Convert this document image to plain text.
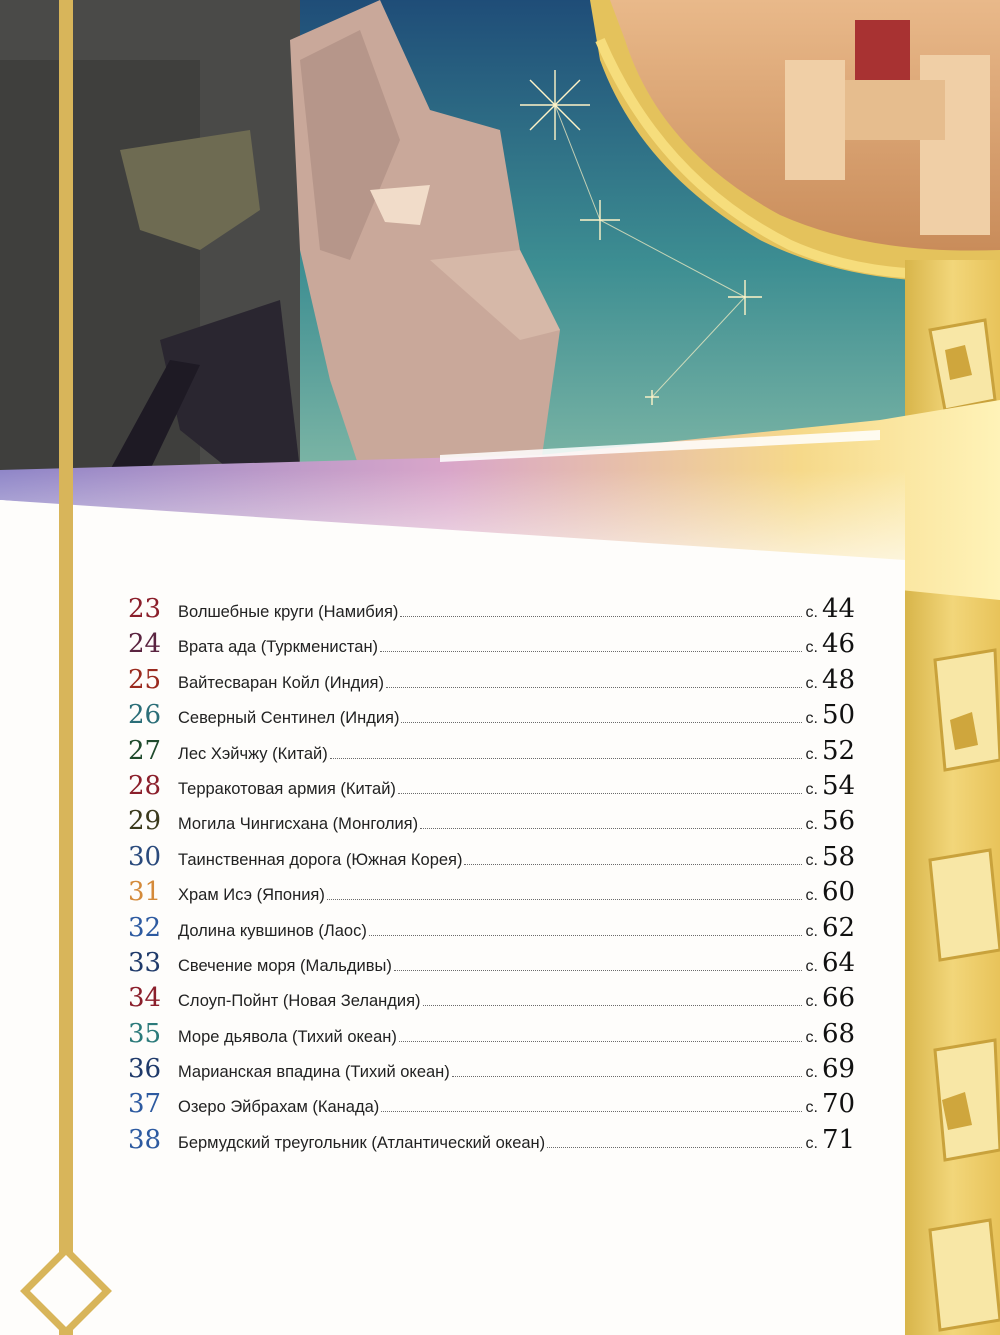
23	Волшебные круги (Намибия)	с. 44
24	Врата ада (Туркменистан)	с. 46
25	Вайтесваран Койл (Индия)	с. 48
26	Северный Сентинел (Индия)	с. 50
27	Лес Хэйчжу (Китай)	с. 52
28	Терракотовая армия (Китай)	с. 54
29	Могила Чингисхана (Монголия)	с. 56
30	Таинственная дорога (Южная Корея)	с. 58
31	Храм Исэ (Япония)	с. 60
32	Долина кувшинов (Лаос)	с. 62
33	Свечение моря (Мальдивы)	с. 64
34	Слоуп-Пойнт (Новая Зеландия)	с. 66
35	Море дьявола (Тихий океан)	с. 68
36	Марианская впадина (Тихий океан)	с. 69
37	Озеро Эйбрахам (Канада)	с. 70
38	Бермудский треугольник (Атлантический океан)	с. 71
